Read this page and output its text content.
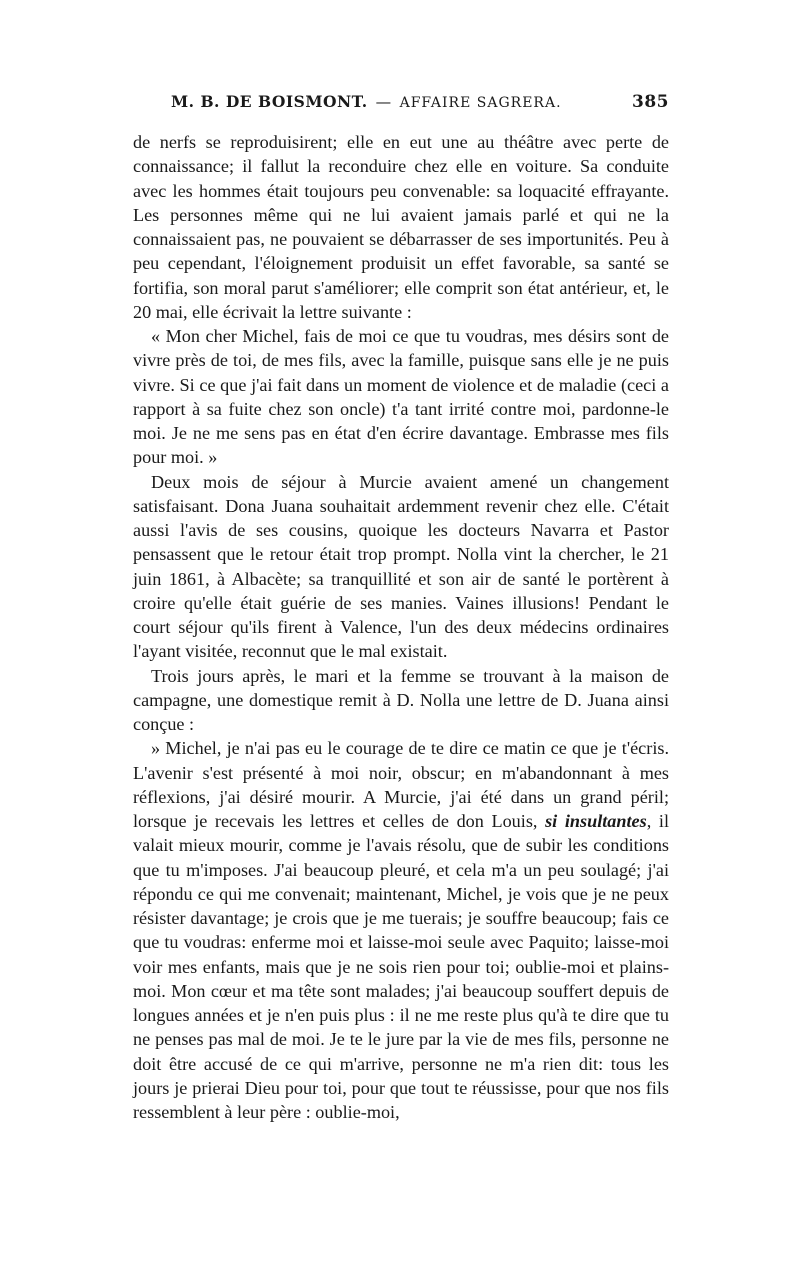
M. B. DE BOISMONT. — AFFAIRE SAGRERA.	385

de nerfs se reproduisirent; elle en eut une au théâtre avec perte de connaissance; il fallut la reconduire chez elle en voiture. Sa conduite avec les hommes était toujours peu convenable: sa loquacité effrayante. Les personnes même qui ne lui avaient jamais parlé et qui ne la connaissaient pas, ne pouvaient se débarrasser de ses importunités. Peu à peu cependant, l'éloignement produisit un effet favorable, sa santé se fortifia, son moral parut s'améliorer; elle comprit son état antérieur, et, le 20 mai, elle écrivait la lettre suivante :

« Mon cher Michel, fais de moi ce que tu voudras, mes désirs sont de vivre près de toi, de mes fils, avec la famille, puisque sans elle je ne puis vivre. Si ce que j'ai fait dans un moment de violence et de maladie (ceci a rapport à sa fuite chez son oncle) t'a tant irrité contre moi, pardonne-le moi. Je ne me sens pas en état d'en écrire davantage. Embrasse mes fils pour moi. »

Deux mois de séjour à Murcie avaient amené un changement satisfaisant. Dona Juana souhaitait ardemment revenir chez elle. C'était aussi l'avis de ses cousins, quoique les docteurs Navarra et Pastor pensassent que le retour était trop prompt. Nolla vint la chercher, le 21 juin 1861, à Albacète; sa tranquillité et son air de santé le portèrent à croire qu'elle était guérie de ses manies. Vaines illusions! Pendant le court séjour qu'ils firent à Valence, l'un des deux médecins ordinaires l'ayant visitée, reconnut que le mal existait.

Trois jours après, le mari et la femme se trouvant à la maison de campagne, une domestique remit à D. Nolla une lettre de D. Juana ainsi conçue :

» Michel, je n'ai pas eu le courage de te dire ce matin ce que je t'écris. L'avenir s'est présenté à moi noir, obscur; en m'abandonnant à mes réflexions, j'ai désiré mourir. A Murcie, j'ai été dans un grand péril; lorsque je recevais les lettres et celles de don Louis, si insultantes, il valait mieux mourir, comme je l'avais résolu, que de subir les conditions que tu m'imposes. J'ai beaucoup pleuré, et cela m'a un peu soulagé; j'ai répondu ce qui me convenait; maintenant, Michel, je vois que je ne peux résister davantage; je crois que je me tuerais; je souffre beaucoup; fais ce que tu voudras: enferme moi et laisse-moi seule avec Paquito; laisse-moi voir mes enfants, mais que je ne sois rien pour toi; oublie-moi et plains-moi. Mon cœur et ma tête sont malades; j'ai beaucoup souffert depuis de longues années et je n'en puis plus : il ne me reste plus qu'à te dire que tu ne penses pas mal de moi. Je te le jure par la vie de mes fils, personne ne doit être accusé de ce qui m'arrive, personne ne m'a rien dit: tous les jours je prierai Dieu pour toi, pour que tout te réussisse, pour que nos fils ressemblent à leur père : oublie-moi,
